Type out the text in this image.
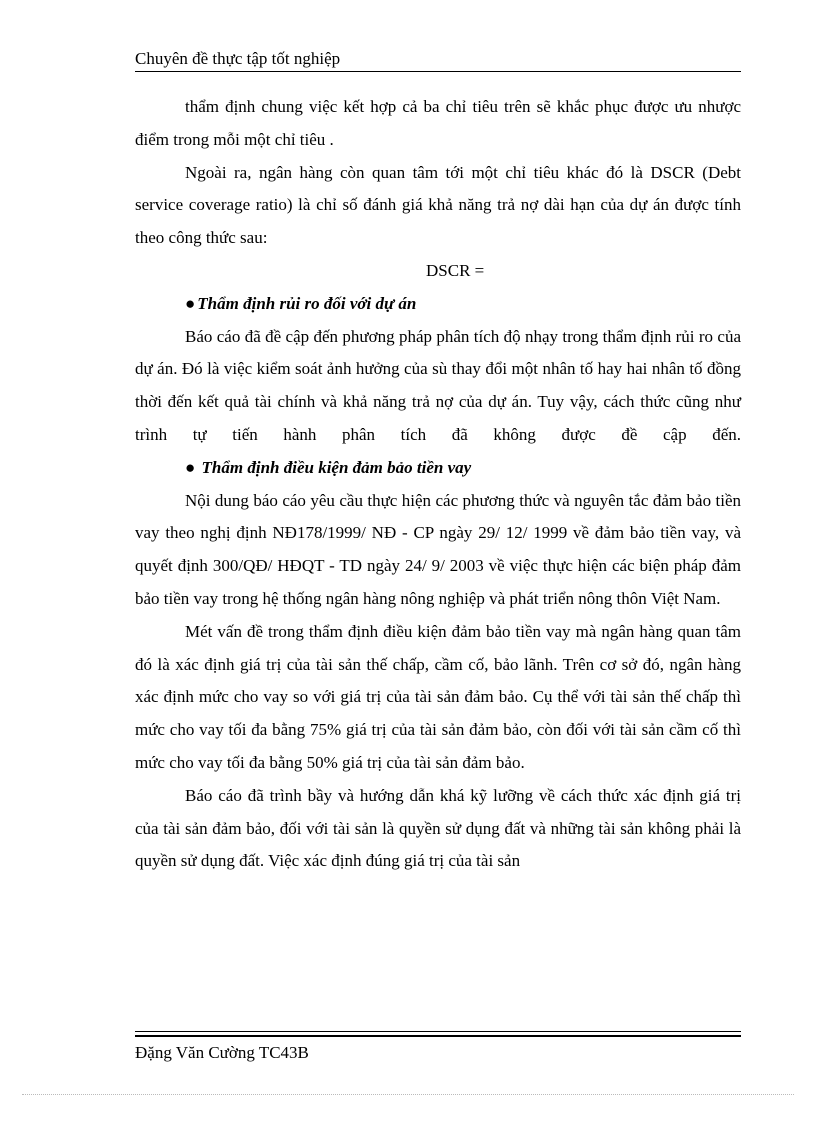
Chuyên đề thực tập tốt nghiệp

thẩm định chung việc kết hợp cả ba chỉ tiêu trên sẽ khắc phục được ưu nhược điểm trong mỗi một chỉ tiêu .

Ngoài ra, ngân hàng còn quan tâm tới một chỉ tiêu khác đó là DSCR (Debt service coverage ratio) là chỉ số đánh giá khả năng trả nợ dài hạn của dự án được tính theo công thức sau:

DSCR =

● Thẩm định rủi ro đối với dự án

Báo cáo đã đề cập đến phương pháp phân tích độ nhạy trong thẩm định rủi ro của dự án. Đó là việc kiểm soát ảnh hưởng của sù thay đổi một nhân tố hay hai nhân tố đồng thời đến kết quả tài chính và khả năng trả nợ của dự án. Tuy vậy, cách thức cũng như trình tự tiến hành phân tích đã không được đề cập đến.

● Thẩm định điều kiện đảm bảo tiền vay

Nội dung báo cáo yêu cầu thực hiện các phương thức và nguyên tắc đảm bảo tiền vay theo nghị định NĐ178/1999/ NĐ - CP ngày 29/ 12/ 1999 về đảm bảo tiền vay, và quyết định 300/QĐ/ HĐQT - TD ngày 24/ 9/ 2003 về việc thực hiện các biện pháp đảm bảo tiền vay trong hệ thống ngân hàng nông nghiệp và phát triển nông thôn Việt Nam.

Mét vấn đề trong thẩm định điều kiện đảm bảo tiền vay mà ngân hàng quan tâm đó là xác định giá trị của tài sản thế chấp, cầm cố, bảo lãnh. Trên cơ sở đó, ngân hàng xác định mức cho vay so với giá trị của tài sản đảm bảo. Cụ thể với tài sản thế chấp thì mức cho vay tối đa bằng 75% giá trị của tài sản đảm bảo, còn đối với tài sản cầm cố thì mức cho vay tối đa bằng 50% giá trị của tài sản đảm bảo.

Báo cáo đã trình bầy và hướng dẫn khá kỹ lưỡng về cách thức xác định giá trị của tài sản đảm bảo, đối với tài sản là quyền sử dụng đất và những tài sản không phải là quyền sử dụng đất. Việc xác định đúng giá trị của tài sản

Đặng Văn Cường TC43B
